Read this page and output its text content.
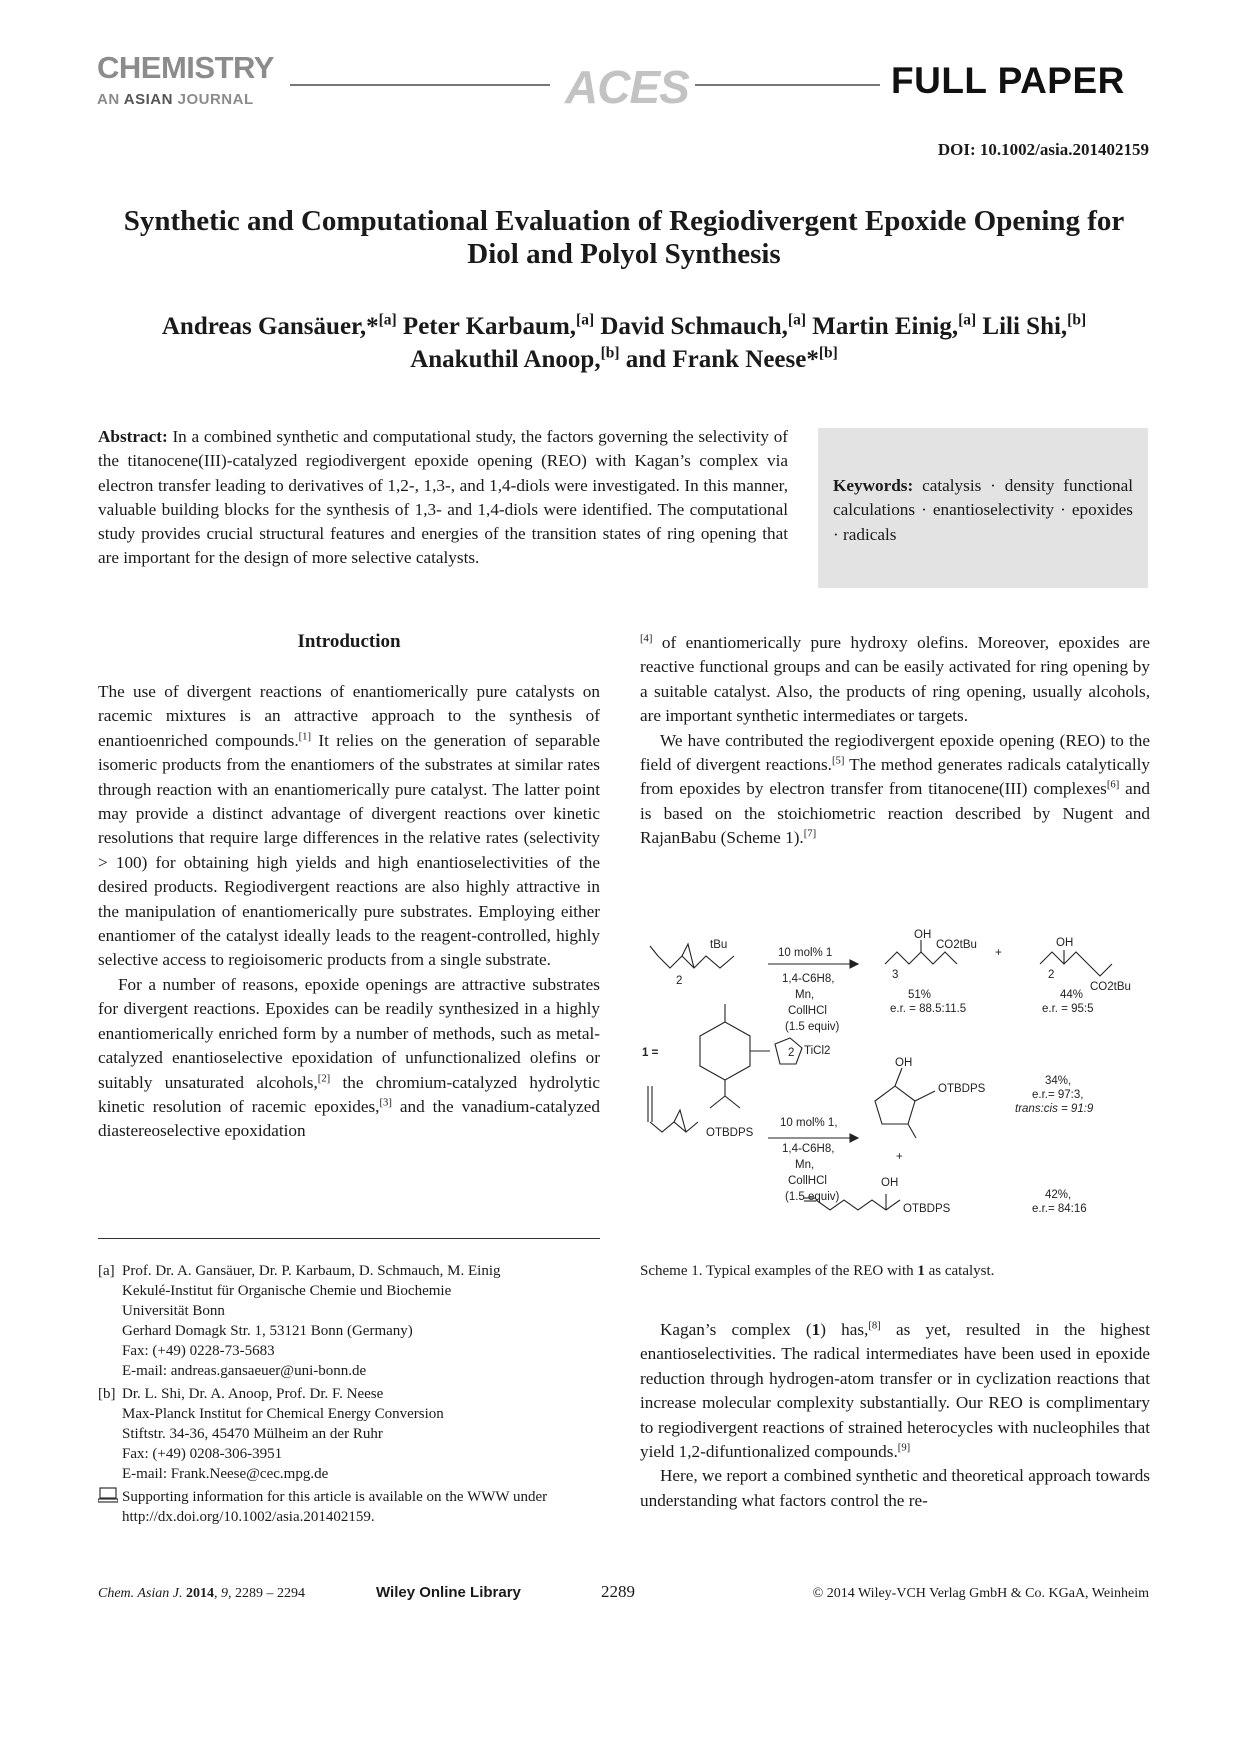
CHEMISTRY
AN ASIAN JOURNAL	ACES	FULL PAPER
DOI: 10.1002/asia.201402159
Synthetic and Computational Evaluation of Regiodivergent Epoxide Opening for Diol and Polyol Synthesis
Andreas Gansäuer,*[a] Peter Karbaum,[a] David Schmauch,[a] Martin Einig,[a] Lili Shi,[b]
Anakuthil Anoop,[b] and Frank Neese*[b]
Abstract: In a combined synthetic and computational study, the factors governing the selectivity of the titanocene(III)-catalyzed regiodivergent epoxide opening (REO) with Kagan’s complex via electron transfer leading to derivatives of 1,2-, 1,3-, and 1,4-diols were investigated. In this manner, valuable building blocks for the synthesis of 1,3- and 1,4-diols were identified. The computational study provides crucial structural features and energies of the transition states of ring opening that are important for the design of more selective catalysts.
Keywords: catalysis · density functional calculations · enantioselectivity · epoxides · radicals
Introduction

The use of divergent reactions of enantiomerically pure catalysts on racemic mixtures is an attractive approach to the synthesis of enantioenriched compounds.[1] It relies on the generation of separable isomeric products from the enantiomers of the substrates at similar rates through reaction with an enantiomerically pure catalyst. The latter point may provide a distinct advantage of divergent reactions over kinetic resolutions that require large differences in the relative rates (selectivity > 100) for obtaining high yields and high enantioselectivities of the desired products. Regiodivergent reactions are also highly attractive in the manipulation of enantiomerically pure substrates. Employing either enantiomer of the catalyst ideally leads to the reagent-controlled, highly selective access to regioisomeric products from a single substrate.

For a number of reasons, epoxide openings are attractive substrates for divergent reactions. Epoxides can be readily synthesized in a highly enantiomerically enriched form by a number of methods, such as metal-catalyzed enantioselective epoxidation of unfunctionalized olefins or suitably unsaturated alcohols,[2] the chromium-catalyzed hydrolytic kinetic resolution of racemic epoxides,[3] and the vanadium-catalyzed diastereoselective epoxidation

[4] of enantiomerically pure hydroxy olefins. Moreover, epoxides are reactive functional groups and can be easily activated for ring opening by a suitable catalyst. Also, the products of ring opening, usually alcohols, are important synthetic intermediates or targets.

We have contributed the regiodivergent epoxide opening (REO) to the field of divergent reactions.[5] The method generates radicals catalytically from epoxides by electron transfer from titanocene(III) complexes[6] and is based on the stoichiometric reaction described by Nugent and RajanBabu (Scheme 1).[7]

tBu
2
10 mol% 1
1,4-C6H8,
Mn,
CollHCl
(1.5 equiv)
OH
CO2tBu
3
51%
e.r. = 88.5:11.5
+
OH
2
CO2tBu
44%
e.r. = 95:5
1 =	2 TiCl2
OTBDPS
10 mol% 1,
1,4-C6H8,
Mn,
CollHCl
(1.5 equiv)
OH
OTBDPS
34%,
e.r.= 97:3,
trans:cis = 91:9
+
OH
OTBDPS
42%,
e.r.= 84:16
Scheme 1. Typical examples of the REO with 1 as catalyst.

Kagan’s complex (1) has,[8] as yet, resulted in the highest enantioselectivities. The radical intermediates have been used in epoxide reduction through hydrogen-atom transfer or in cyclization reactions that increase molecular complexity substantially. Our REO is complimentary to regiodivergent reactions of strained heterocycles with nucleophiles that yield 1,2-difuntionalized compounds.[9]

Here, we report a combined synthetic and theoretical approach towards understanding what factors control the re-

[a] Prof. Dr. A. Gansäuer, Dr. P. Karbaum, D. Schmauch, M. Einig
Kekulé-Institut für Organische Chemie und Biochemie
Universität Bonn
Gerhard Domagk Str. 1, 53121 Bonn (Germany)
Fax: (+49) 0228-73-5683
E-mail: andreas.gansaeuer@uni-bonn.de
[b] Dr. L. Shi, Dr. A. Anoop, Prof. Dr. F. Neese
Max-Planck Institut for Chemical Energy Conversion
Stiftstr. 34-36, 45470 Mülheim an der Ruhr
Fax: (+49) 0208-306-3951
E-mail: Frank.Neese@cec.mpg.de
Supporting information for this article is available on the WWW under http://dx.doi.org/10.1002/asia.201402159.
Chem. Asian J. 2014, 9, 2289 – 2294	Wiley Online Library	2289	© 2014 Wiley-VCH Verlag GmbH & Co. KGaA, Weinheim
